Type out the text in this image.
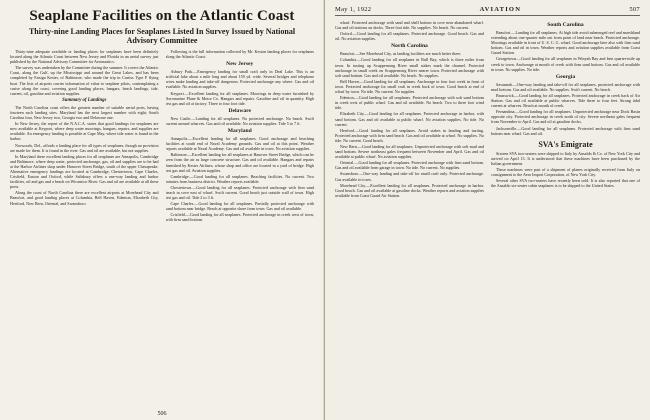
Seaplane Facilities on the Atlantic Coast
Thirty-nine Landing Places for Seaplanes Listed In Survey Issued by National Advisory Committee

Thirty-nine adequate available or landing places for seaplanes have been definitely located along the Atlantic Coast between New Jersey and Florida in an aerial survey just published by the National Advisory Committee for Aeronautics.

The survey was undertaken by the Committee during the summer. It covers the Atlantic Coast, along the Gulf, up the Mississippi and around the Great Lakes, and has been completed by Ensign Kester, of Baltimore, who made the trip in Curtiss Type F flying boat. The lists of airports carries information of value to seaplane pilots, contemplating a cruise along the coast, covering good landing places, hangars, beach landings, tide, current, oil, gasoline and aviation supplies.

Summary of Landings

The North Carolina coast offers the greatest number of suitable aerial ports, having fourteen such landing sites. Maryland has the next largest number with eight; South Carolina four, New Jersey two, Georgia two and Delaware one.

In New Jersey, the report of the N.A.C.A. states that good landings for seaplanes are now available at Keyport, where deep water moorings, hangars, repairs, and supplies are available. An emergency landing is possible at Cape May, where tide water is found in the harbor.

Norwoods, Del., affords a landing place for all types of seaplanes, though no provision are made for them. It is found in the river. Gas and oil are available, but not supplies.

In Maryland these excellent landing places for all seaplanes are Annapolis, Cambridge and Baltimore, where deep water, protected anchorage, gas, oil and supplies are to be had at the Harbor Airlines shop under Hanover Street Bridge, south of the upper Chesapeake. Alternative emergency landings are located at Cambridge, Chestertown, Cape Charles, Crisfield, Easton and Oxford, while Salisbury offers a one-way landing and harbor facilities, oil and gas and a beach on Wicomico River. Gas and oil are available at all these ports.

Along the coast of North Carolina there are excellent airports at Morehead City and Beaufort, and good landing places at Columbia, Bell Haven, Edenton, Elizabeth City, Hertford, New Bern, Oriental, and Swansboro.

Following is the full information collected by Mr. Keston landing places for seaplanes along the Atlantic Coast.

New Jersey

Asbury Park.—Emergency landing for small craft only in Deal Lake. This is an artificial lake about a mile long and about 150 yd. wide. Several bridges and telephone wires make landing and take-off dangerous. Protected anchorage any where. Gas and oil available. No aviation supplies.

Keyport.—Excellent landing for all seaplanes. Moorings in deep water furnished by Aeromarine Plane & Motor Co. Hangars and repairs. Gasoline and oil in quantity. High test gas and oil at factory. Three to four foot tide.

Delaware

New Castle.—Landing for all seaplanes. No protected anchorage. No beach. Swift current around wharves. Gas and oil available. No aviation supplies. Tide 5 to 7 ft.

Maryland

Annapolis.—Excellent landing for all seaplanes. Good anchorage and beaching facilities at south end of Naval Academy grounds. Gas and oil at this point. Weather reports available at Naval Academy. Gas and oil available in town. No aviation supplies.

Baltimore.—Excellent landing for all seaplanes at Hanover Street Bridge, which can be seen from the air as large concrete structure. Gas and oil available. Hangars and repairs furnished by Kester Airlines, whose shop and office are located in a yard of bridge. High test gas and oil. Aviation supplies.

Cambridge.—Good landing for all seaplanes. Beaching facilities. No current. Two minutes from business district. Weather reports available.

Chestertown.—Good landing for all seaplanes. Protected anchorage with firm sand beach in cove east of wharf. Swift current. Good beach just outside wall of town. High test gas and oil. Tide 2 to 3 ft.

Cape Charles.—Good landing for all seaplanes. Partially protected anchorage with sand bottom near bridge. Beach at opposite shore from town. Gas and oil available.

Crisfield.—Good landing for all seaplanes. Protected anchorage in creek west of town, with firm sand bottom.

506
May 1, 1922	AVIATION	507

wharf. Protected anchorage with sand and shell bottom in cove near abandoned wharf. Gas and oil stations on docks. Three foot tide. No supplies. No beach. No current.

Oxford.—Good landing for all seaplanes. Protected anchorage. Good beach. Gas and oil. No aviation supplies.

North Carolina

Beaufort.—See Morehead City, as landing facilities are much better there.

Columbia.—Good landing for all seaplanes in Bull Bay, which is three miles from town. In taxiing up Scuppernong River small stakes mark the channel. Protected anchorage in small creek on Scuppernong River nearer town. Protected anchorage with soft sand bottom. Gas and oil available. No beach. No supplies.

Bell Haven.—Good landing for all seaplanes. Anchorage in four foot creek in front of town. Protected anchorage for small craft in creek back of town. Good beach at end of wharf by town. No tide. No current. No supplies.

Edenton.—Good landing for all seaplanes. Protected anchorage with soft sand bottom in creek west of public wharf. Gas and oil available. No beach. Two to three foot wind tide.

Elizabeth City.—Good landing for all seaplanes. Protected anchorage in harbor, with sand bottom. Gas and oil available at public wharf. No aviation supplies. No tide. No current.

Hertford.—Good landing for all seaplanes. Avoid stakes in landing and taxiing. Protected anchorage with firm sand beach. Gas and oil available at wharf. No supplies. No tide. No current. Good beach.

New Bern.—Good landing for all seaplanes. Unprotected anchorage with soft mud and sand bottom. Severe northeast gales frequent between November and April. Gas and oil available at public wharf. No aviation supplies.

Oriental.—Good landing for all seaplanes. Protected anchorage with firm sand bottom. Gas and oil available from garage in town. No tide. No current. No supplies.

Swansboro.—One-way landing and take-off for small craft only. Protected anchorage. Gas available in town.

Morehead City.—Excellent landing for all seaplanes. Protected anchorage in harbor. Good beach. Gas and oil available at gasoline docks. Weather reports and aviation supplies available from Coast Guard Air Station.

South Carolina

Beaufort.—Landing for all seaplanes. At high tide avoid submerged reef and marshland extending about one-quarter mile out from point of land near beach. Protected anchorage. Moorings available in front of U. S. C. G. wharf. Good anchorage here also with firm sand bottom. Gas and oil in town. Weather reports and aviation supplies available from Coast Guard Station.

Georgetown.—Good landing for all seaplanes in Winyah Bay and best quarter-mile up creek to town. Anchorage at mouth of creek with firm sand bottom. Gas and oil available in town. No supplies. No tide.

Georgia

Savannah.—One-way landing and take-off for all seaplanes, protected anchorage with mud bottom. Gas and oil available. No supplies. Swift current. No beach.

Brunswick.—Good landing for all seaplanes. Protected anchorage in creek back of Air Station. Gas and oil available at public wharves. Tide three to four feet. Strong tidal current at wharves. Beach at mouth of creek.

Fernandina.—Good landing for all seaplanes. Unprotected anchorage near Dock Basin opposite city. Protected anchorage in creek north of city. Severe northeast gales frequent from November to April. Gas and oil at gasoline docks.

Jacksonville.—Good landing for all seaplanes. Protected anchorage with firm sand bottom near wharf. Gas and oil.

SVA's Emigrate

Sixteen SVA two-seaters were shipped to Italy by Ansaldo & Co. of New York City and arrived on April 13. It is understood that these machines have been purchased by the Italian government.

These machines were part of a shipment of planes originally received from Italy on consignment to the Aero Import Corporation, of New York City.

Several other SVA two-seaters have recently been sold. It is also reported that one of the Ansaldo six-seater cabin seaplanes is to be shipped to the United States.
